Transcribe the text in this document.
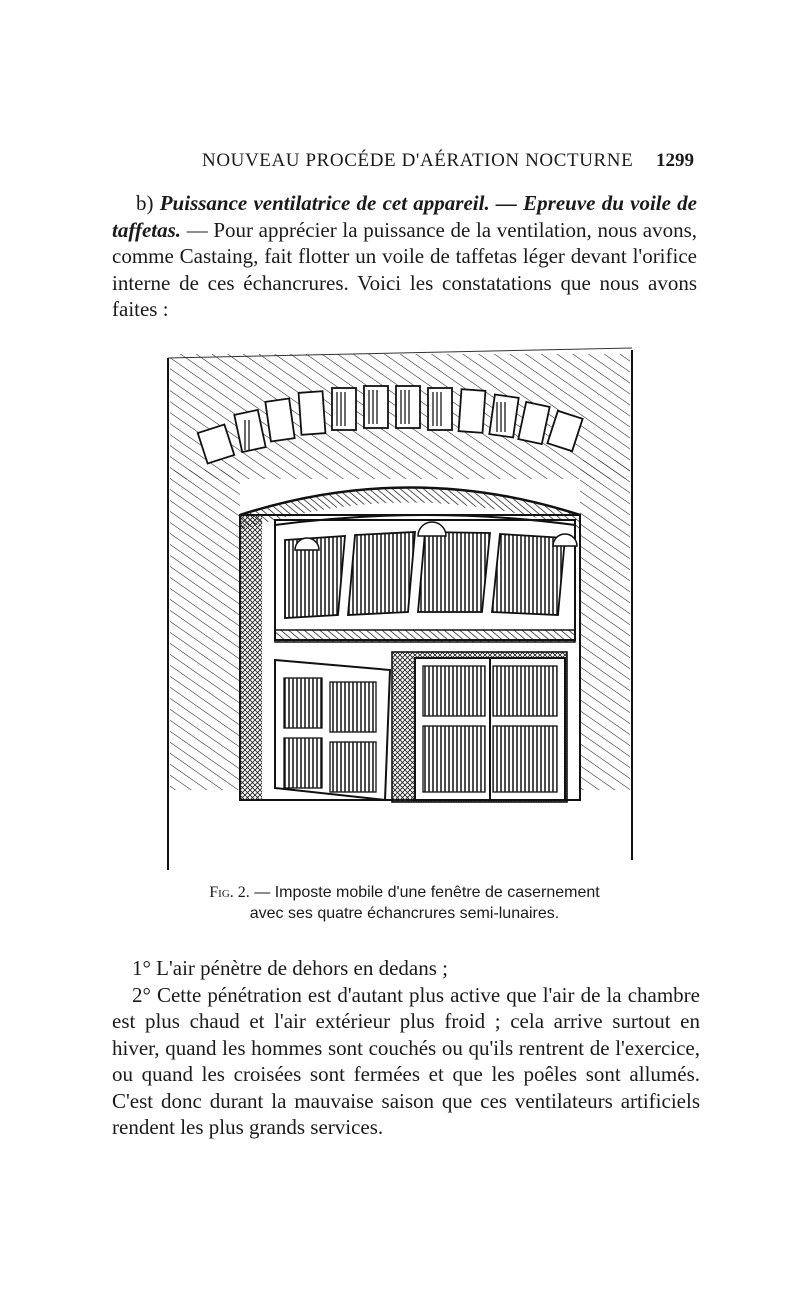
NOUVEAU PROCÉDE D'AÉRATION NOCTURNE 1299

b) Puissance ventilatrice de cet appareil. — Epreuve du voile de taffetas. — Pour apprécier la puissance de la ventilation, nous avons, comme Castaing, fait flotter un voile de taffetas léger devant l'orifice interne de ces échancrures. Voici les constatations que nous avons faites :

Fig. 2. — Imposte mobile d'une fenêtre de casernement
avec ses quatre échancrures semi-lunaires.

1° L'air pénètre de dehors en dedans ;

2° Cette pénétration est d'autant plus active que l'air de la chambre est plus chaud et l'air extérieur plus froid ; cela arrive surtout en hiver, quand les hommes sont couchés ou qu'ils rentrent de l'exercice, ou quand les croisées sont fermées et que les poêles sont allumés. C'est donc durant la mauvaise saison que ces ventilateurs artificiels rendent les plus grands services.
